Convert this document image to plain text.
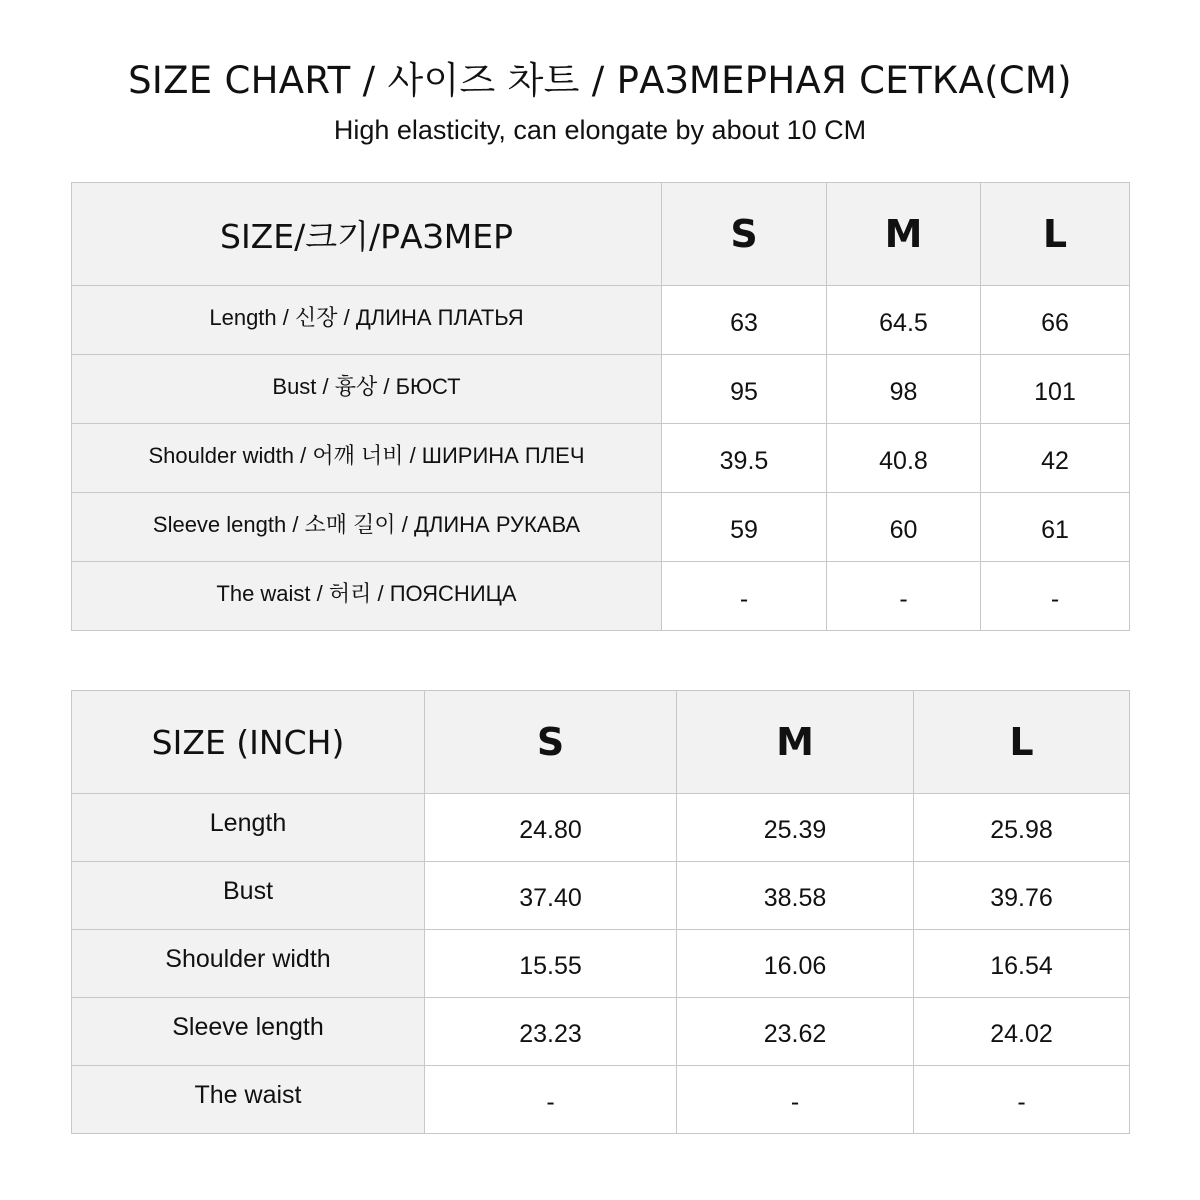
SIZE CHART / 사이즈 차트 / РАЗМЕРНАЯ СЕТКА(CM)
High elasticity, can elongate by about 10 CM
SIZE/크기/РАЗМЕР	S	M	L
Length / 신장 / ДЛИНА ПЛАТЬЯ	63	64.5	66
Bust / 흉상 / БЮСТ	95	98	101
Shoulder width / 어깨 너비 / ШИРИНА ПЛЕЧ	39.5	40.8	42
Sleeve length / 소매 길이 / ДЛИНА РУКАВА	59	60	61
The waist / 허리 / ПОЯСНИЦА	-	-	-
SIZE (INCH)	S	M	L
Length	24.80	25.39	25.98
Bust	37.40	38.58	39.76
Shoulder width	15.55	16.06	16.54
Sleeve length	23.23	23.62	24.02
The waist	-	-	-
